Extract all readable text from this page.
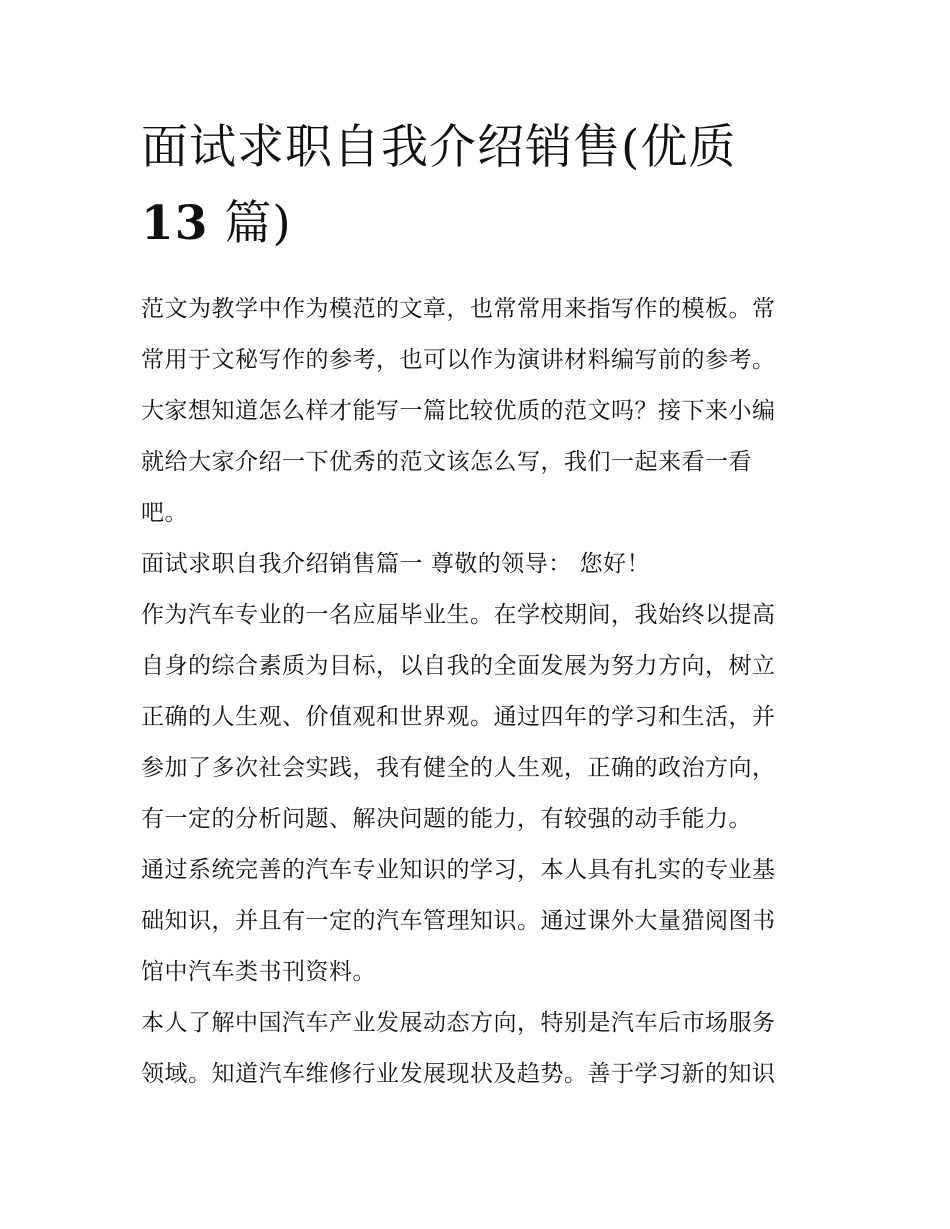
面试求职自我介绍销售(优质
13 篇)
范文为教学中作为模范的文章，也常常用来指写作的模板。常
常用于文秘写作的参考，也可以作为演讲材料编写前的参考。
大家想知道怎么样才能写一篇比较优质的范文吗？接下来小编
就给大家介绍一下优秀的范文该怎么写，我们一起来看一看
吧。
面试求职自我介绍销售篇一 尊敬的领导： 您好！
作为汽车专业的一名应届毕业生。在学校期间，我始终以提高
自身的综合素质为目标，以自我的全面发展为努力方向，树立
正确的人生观、价值观和世界观。通过四年的学习和生活，并
参加了多次社会实践，我有健全的人生观，正确的政治方向，
有一定的分析问题、解决问题的能力，有较强的动手能力。
通过系统完善的汽车专业知识的学习，本人具有扎实的专业基
础知识，并且有一定的汽车管理知识。通过课外大量猎阅图书
馆中汽车类书刊资料。
本人了解中国汽车产业发展动态方向，特别是汽车后市场服务
领域。知道汽车维修行业发展现状及趋势。善于学习新的知识
